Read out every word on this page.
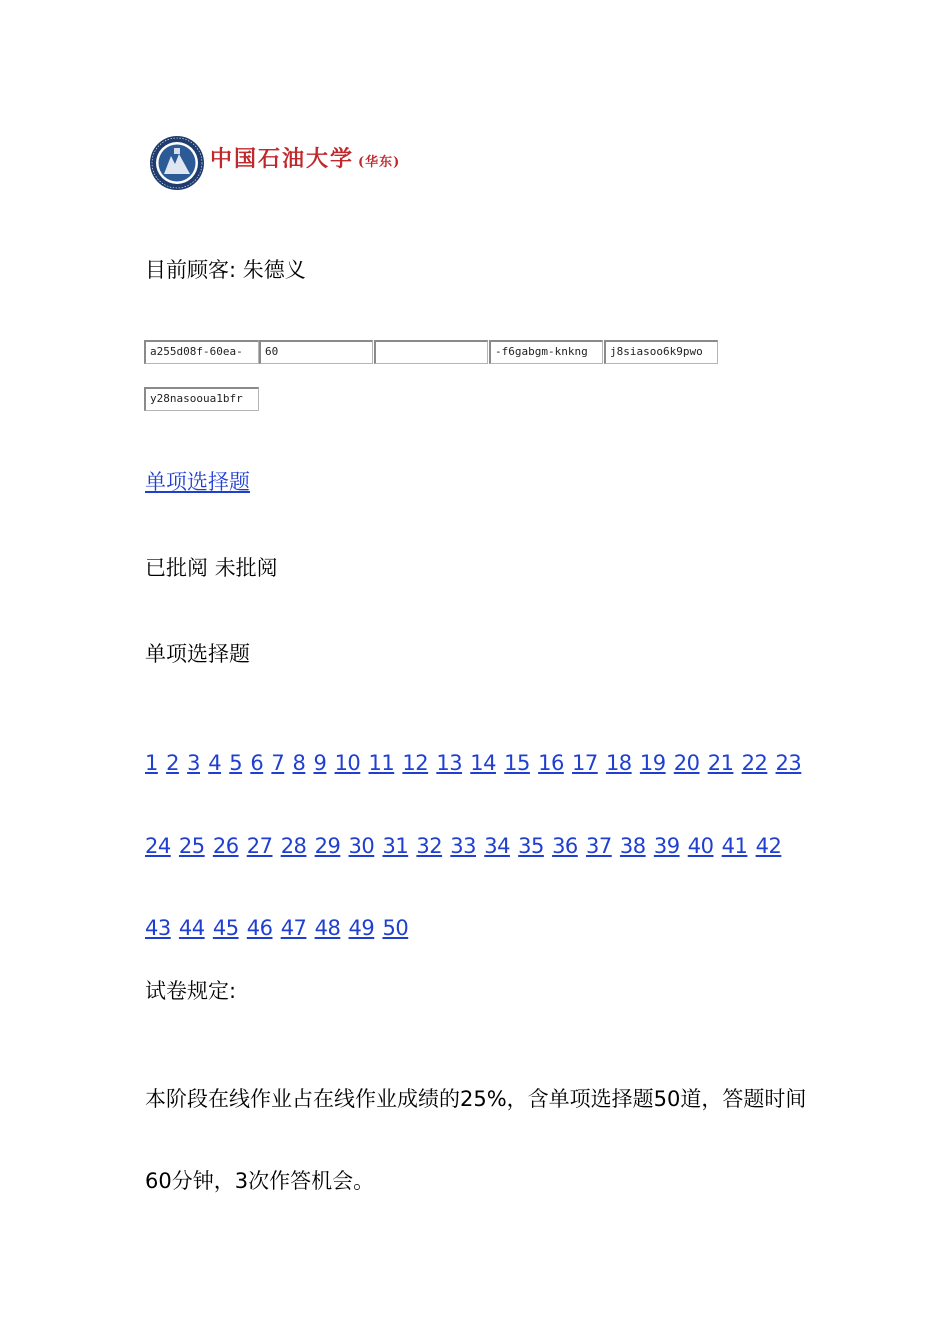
中国石油大学 (华东)
目前顾客: 朱德义
a255d08f-60ea-	60	-f6gabgm-knkng	j8siasoo6k9pwo
y28nasooua1bfr
单项选择题
已批阅 未批阅
单项选择题
1 2 3 4 5 6 7 8 9 10 11 12 13 14 15 16 17 18 19 20 21 22 23 24 25 26 27 28 29 30 31 32 33 34 35 36 37 38 39 40 41 42 43 44 45 46 47 48 49 50
试卷规定:
本阶段在线作业占在线作业成绩的25%，含单项选择题50道，答题时间60分钟，3次作答机会。
